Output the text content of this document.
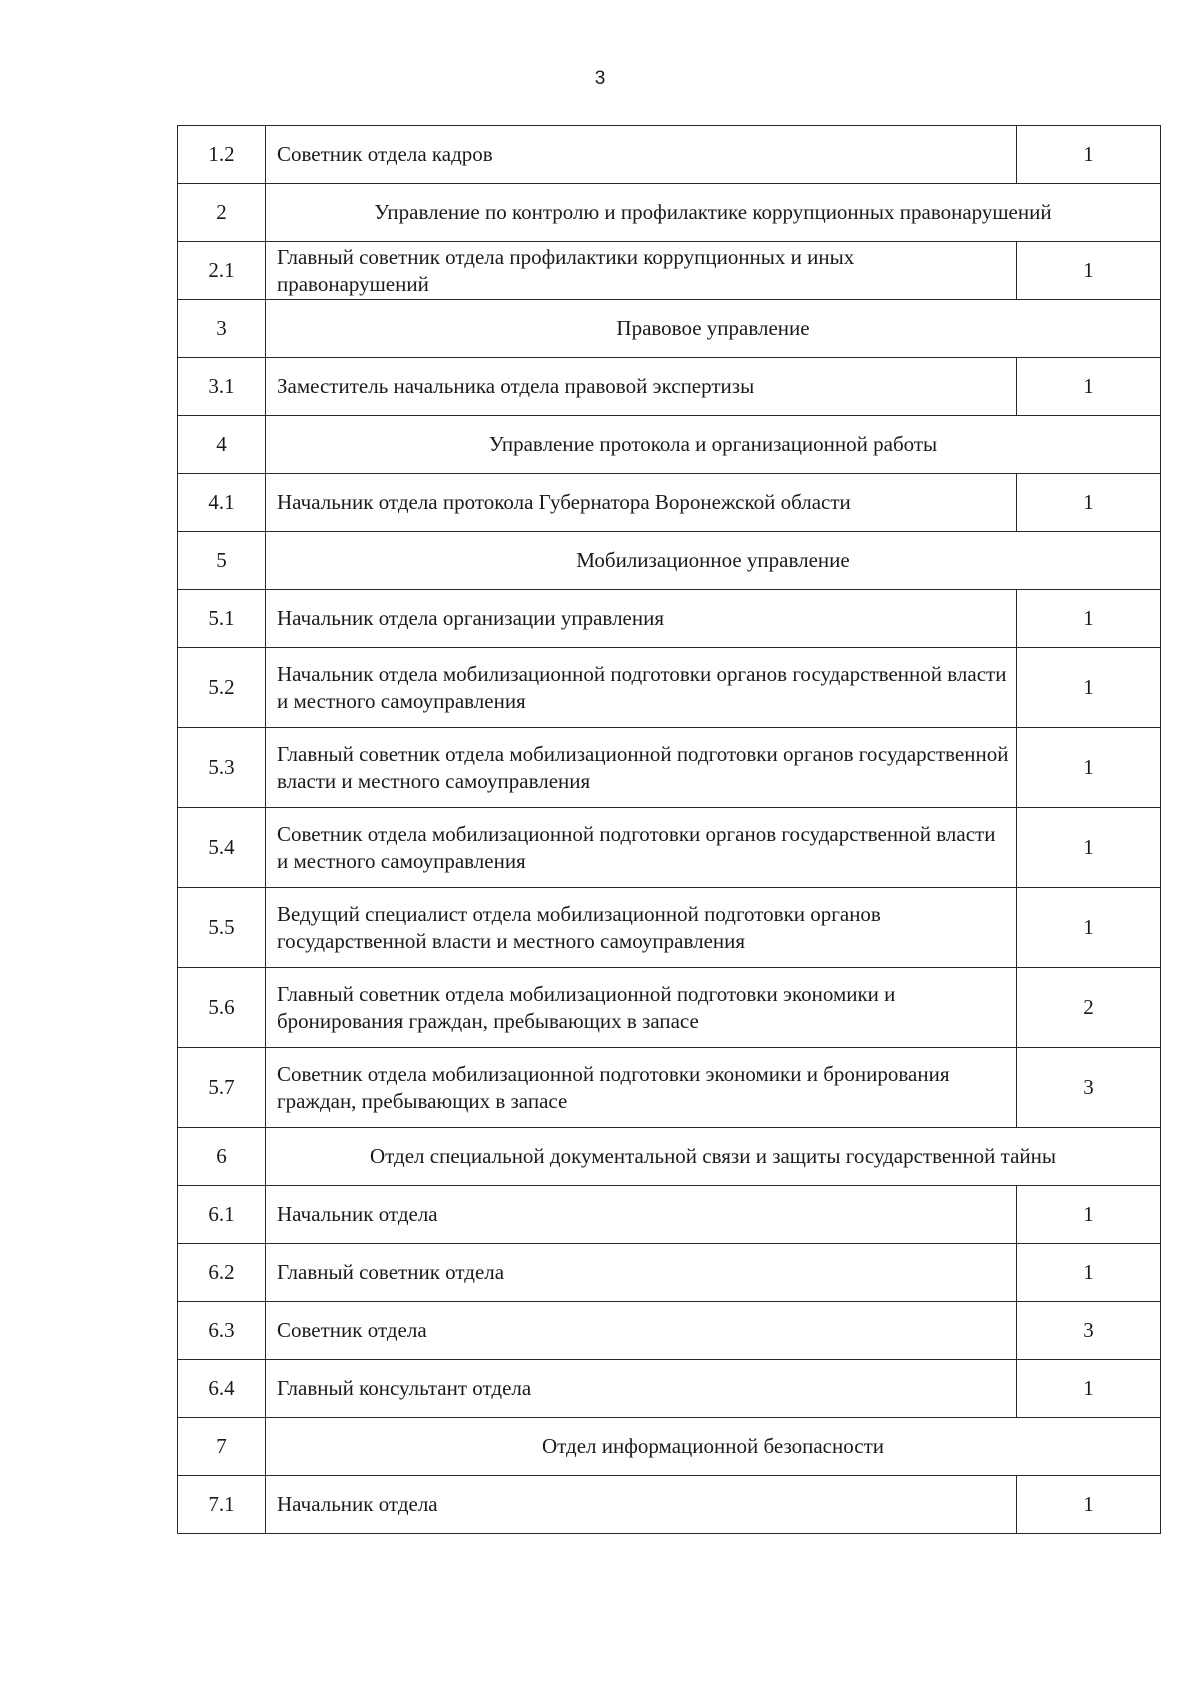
3
1.2	Советник отдела кадров	1
2	Управление по контролю и профилактике коррупционных правонарушений	
2.1	Главный советник отдела профилактики коррупционных и иных правонарушений	1
3	Правовое управление	
3.1	Заместитель начальника отдела правовой экспертизы	1
4	Управление протокола и организационной работы	
4.1	Начальник отдела протокола Губернатора Воронежской области	1
5	Мобилизационное управление	
5.1	Начальник отдела организации управления	1
5.2	Начальник отдела мобилизационной подготовки органов государственной власти и местного самоуправления	1
5.3	Главный советник отдела мобилизационной подготовки органов государственной власти и местного самоуправления	1
5.4	Советник отдела мобилизационной подготовки органов государственной власти и местного самоуправления	1
5.5	Ведущий специалист отдела мобилизационной подготовки органов государственной власти и местного самоуправления	1
5.6	Главный советник отдела мобилизационной подготовки экономики и бронирования граждан, пребывающих в запасе	2
5.7	Советник отдела мобилизационной подготовки экономики и бронирования граждан, пребывающих в запасе	3
6	Отдел специальной документальной связи и защиты государственной тайны	
6.1	Начальник отдела	1
6.2	Главный советник отдела	1
6.3	Советник отдела	3
6.4	Главный консультант отдела	1
7	Отдел информационной безопасности	
7.1	Начальник отдела	1
